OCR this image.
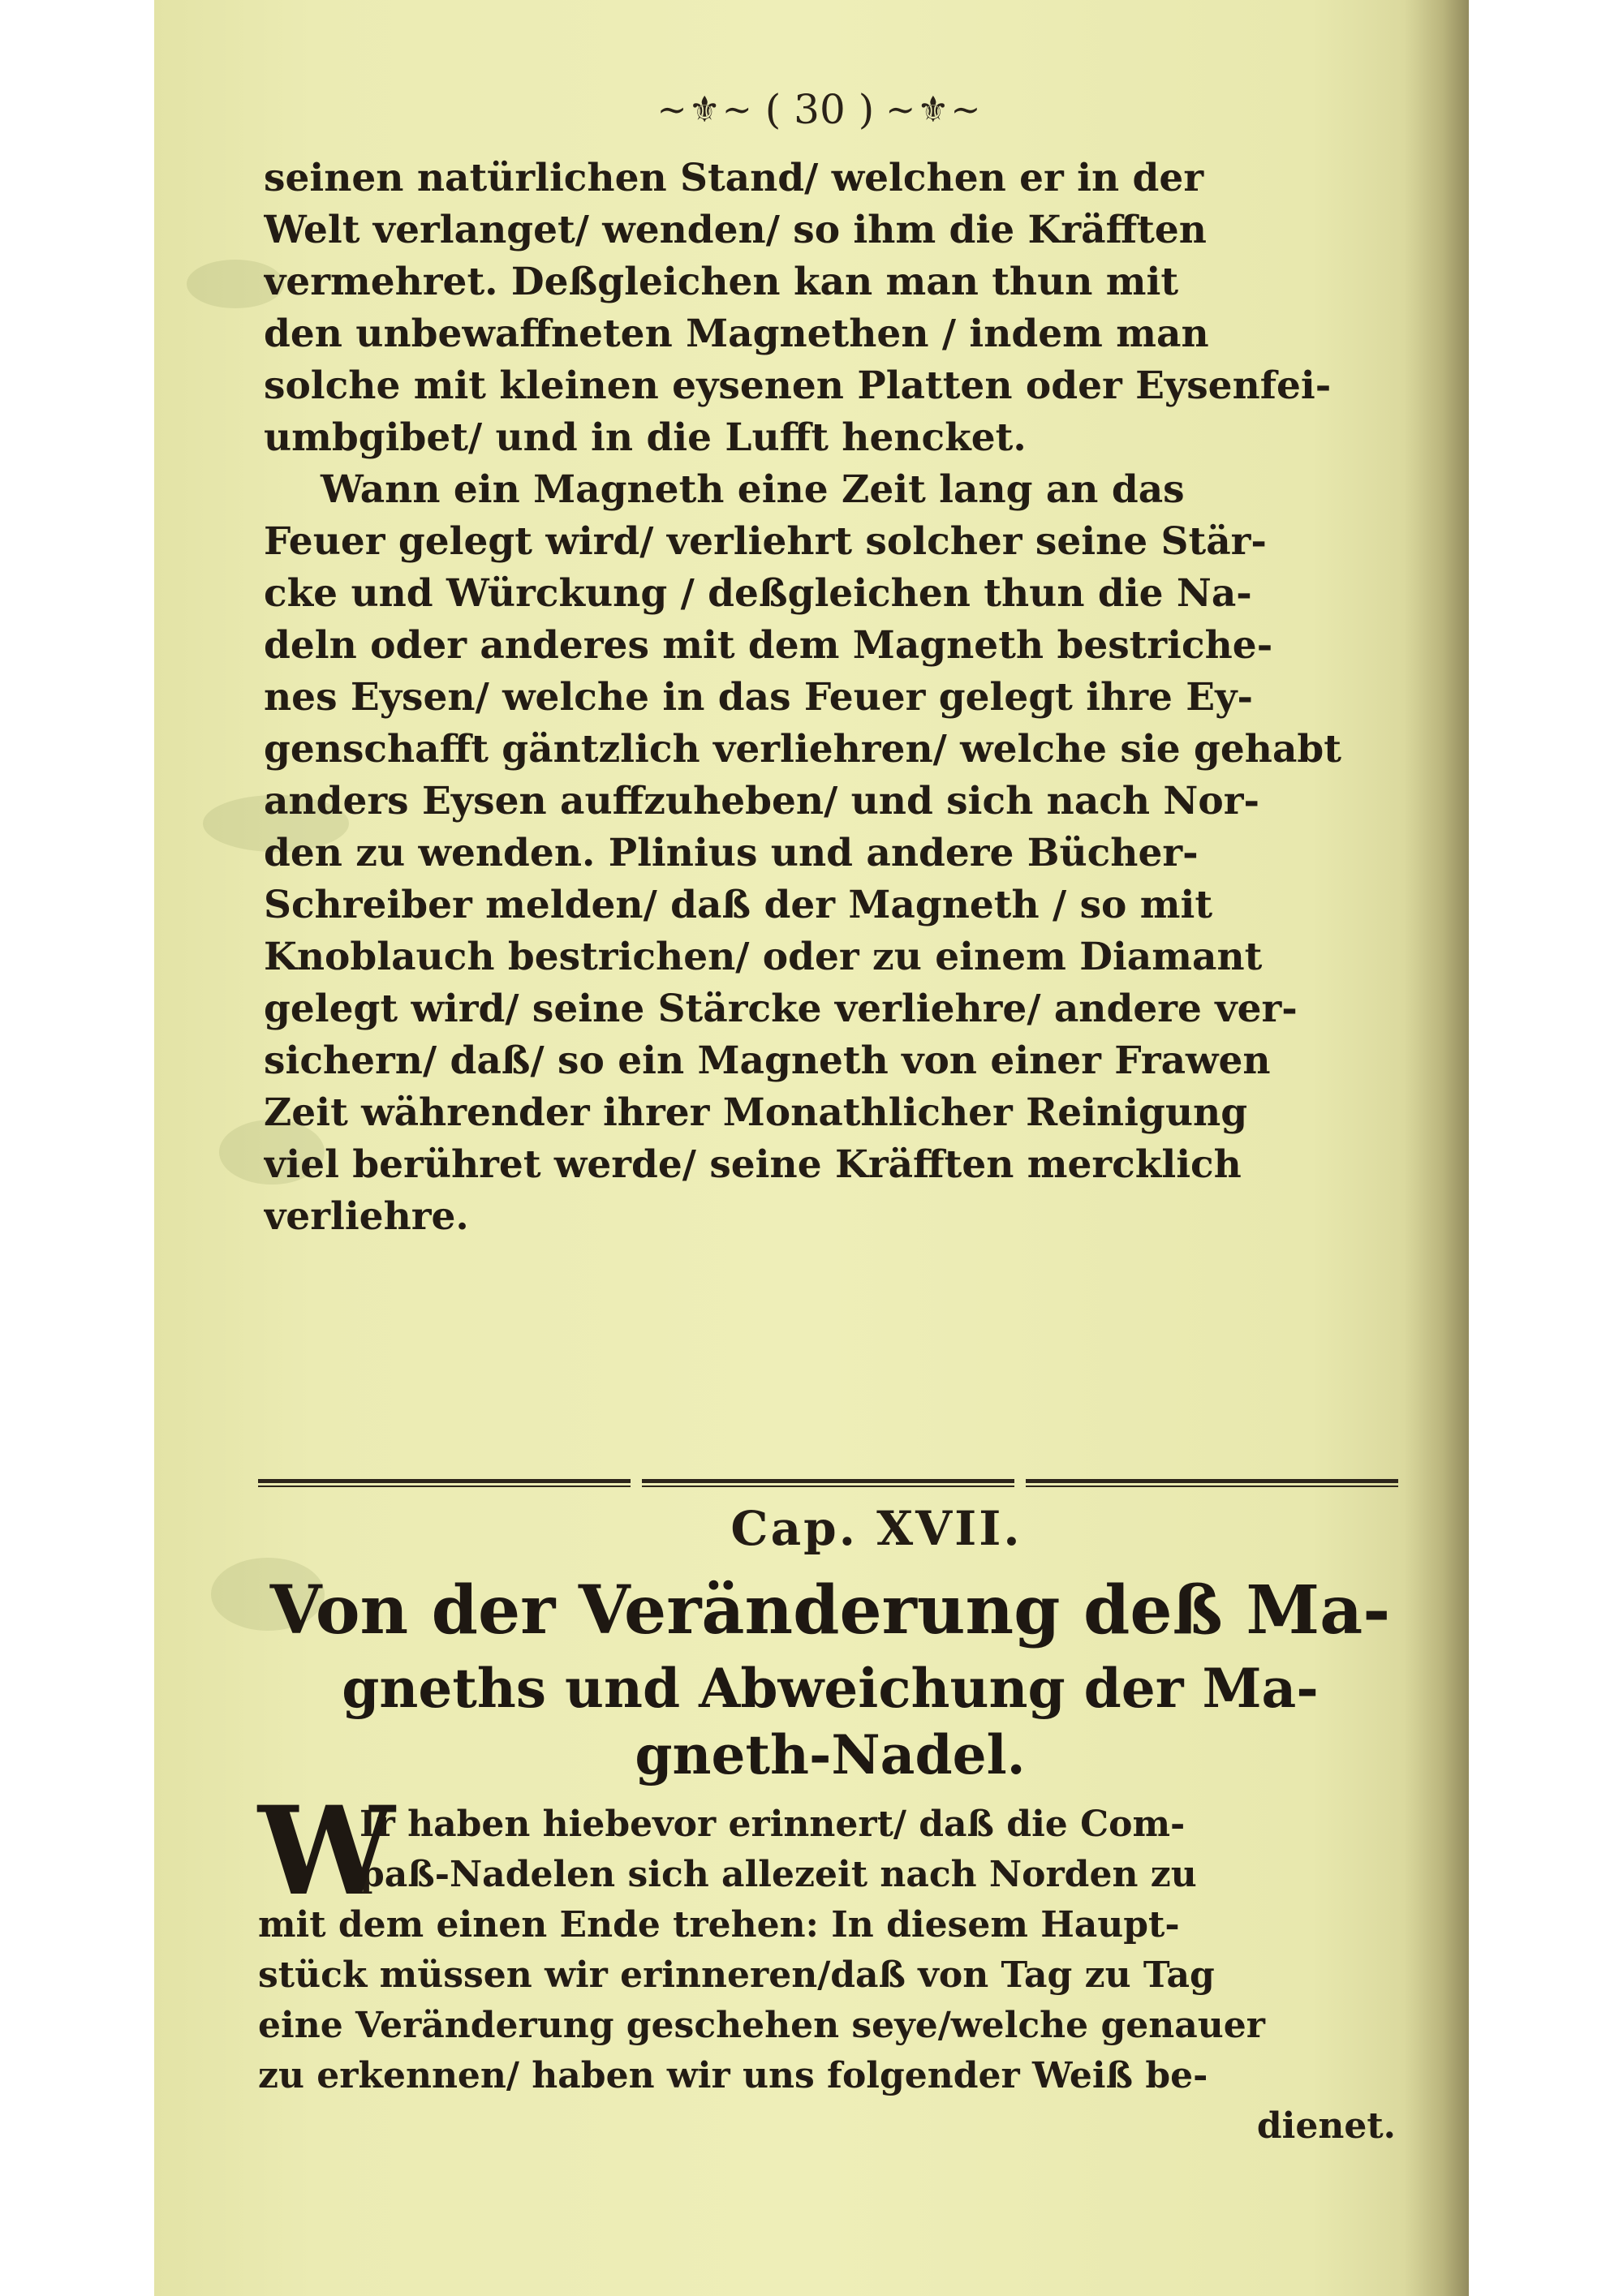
~⚜~ ( 30 ) ~⚜~
seinen natürlichen Stand/ welchen er in der
Welt verlanget/ wenden/ so ihm die Kräfften
vermehret. Deßgleichen kan man thun mit
den unbewaffneten Magnethen / indem man
solche mit kleinen eysenen Platten oder Eysenfei-
umbgibet/ und in die Lufft hencket.
Wann ein Magneth eine Zeit lang an das
Feuer gelegt wird/ verliehrt solcher seine Stär-
cke und Würckung / deßgleichen thun die Na-
deln oder anderes mit dem Magneth bestriche-
nes Eysen/ welche in das Feuer gelegt ihre Ey-
genschafft gäntzlich verliehren/ welche sie gehabt
anders Eysen auffzuheben/ und sich nach Nor-
den zu wenden. Plinius und andere Bücher-
Schreiber melden/ daß der Magneth / so mit
Knoblauch bestrichen/ oder zu einem Diamant
gelegt wird/ seine Stärcke verliehre/ andere ver-
sichern/ daß/ so ein Magneth von einer Frawen
Zeit währender ihrer Monathlicher Reinigung
viel berühret werde/ seine Kräfften mercklich
verliehre.
Cap. XVII.
Von der Veränderung deß Ma-
gneths und Abweichung der Ma-
gneth-Nadel.
W
Ir haben hiebevor erinnert/ daß die Com-
paß-Nadelen sich allezeit nach Norden zu
mit dem einen Ende trehen: In diesem Haupt-
stück müssen wir erinneren/daß von Tag zu Tag
eine Veränderung geschehen seye/welche genauer
zu erkennen/ haben wir uns folgender Weiß be-
dienet.
